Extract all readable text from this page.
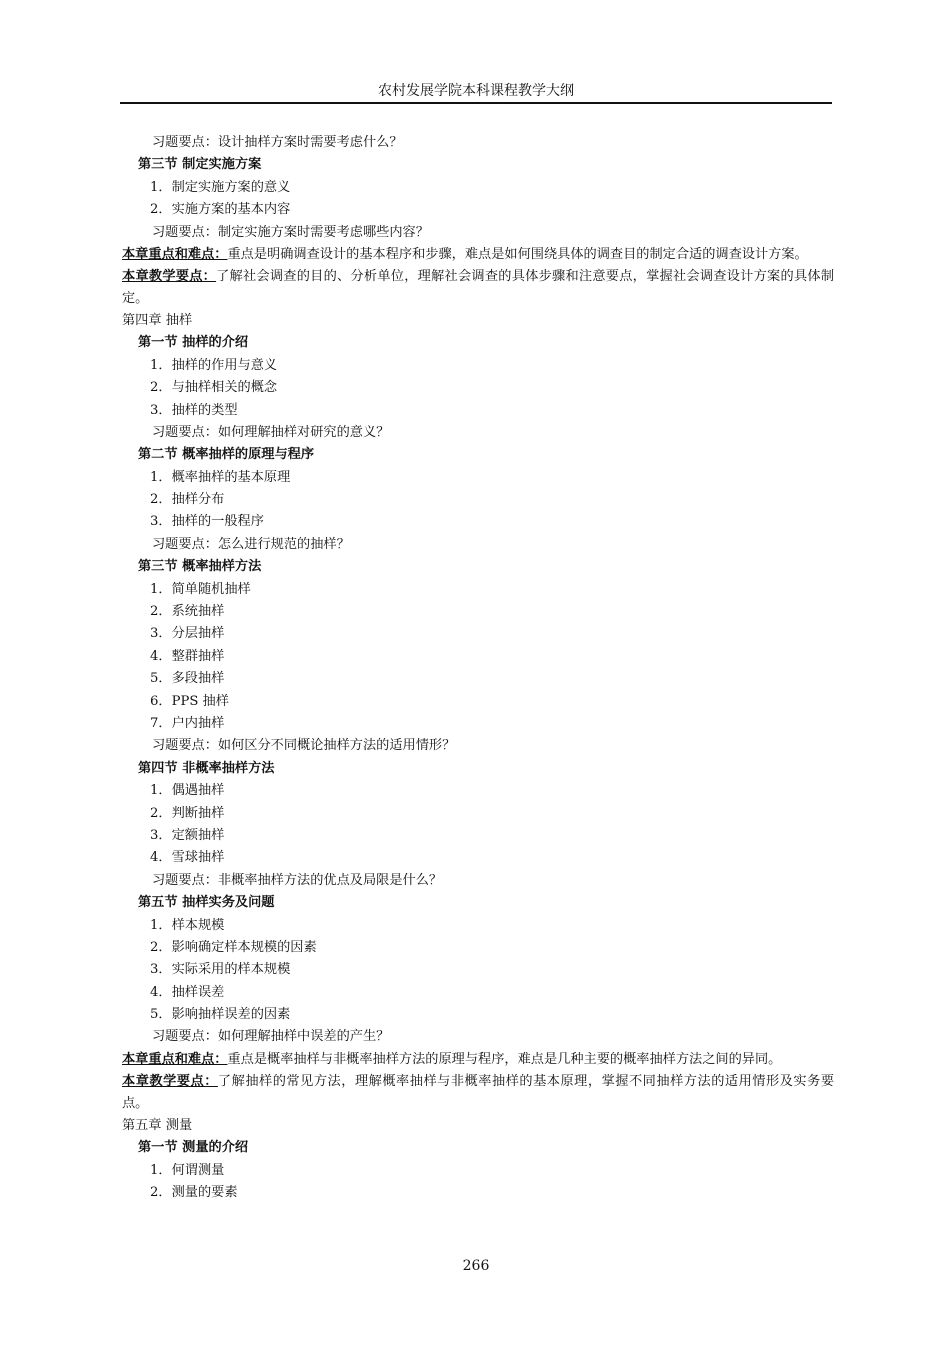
农村发展学院本科课程教学大纲
习题要点：设计抽样方案时需要考虑什么？
第三节 制定实施方案
1．制定实施方案的意义
2．实施方案的基本内容
习题要点：制定实施方案时需要考虑哪些内容？
本章重点和难点：重点是明确调查设计的基本程序和步骤，难点是如何围绕具体的调查目的制定合适的调查设计方案。
本章教学要点：了解社会调查的目的、分析单位，理解社会调查的具体步骤和注意要点，掌握社会调查设计方案的具体制定。
第四章 抽样
第一节 抽样的介绍
1．抽样的作用与意义
2．与抽样相关的概念
3．抽样的类型
习题要点：如何理解抽样对研究的意义？
第二节 概率抽样的原理与程序
1．概率抽样的基本原理
2．抽样分布
3．抽样的一般程序
习题要点：怎么进行规范的抽样？
第三节 概率抽样方法
1．简单随机抽样
2．系统抽样
3．分层抽样
4．整群抽样
5．多段抽样
6．PPS 抽样
7．户内抽样
习题要点：如何区分不同概论抽样方法的适用情形？
第四节 非概率抽样方法
1．偶遇抽样
2．判断抽样
3．定额抽样
4．雪球抽样
习题要点：非概率抽样方法的优点及局限是什么？
第五节 抽样实务及问题
1．样本规模
2．影响确定样本规模的因素
3．实际采用的样本规模
4．抽样误差
5．影响抽样误差的因素
习题要点：如何理解抽样中误差的产生？
本章重点和难点：重点是概率抽样与非概率抽样方法的原理与程序，难点是几种主要的概率抽样方法之间的异同。
本章教学要点：了解抽样的常见方法，理解概率抽样与非概率抽样的基本原理，掌握不同抽样方法的适用情形及实务要点。
第五章 测量
第一节 测量的介绍
1．何谓测量
2．测量的要素
266
